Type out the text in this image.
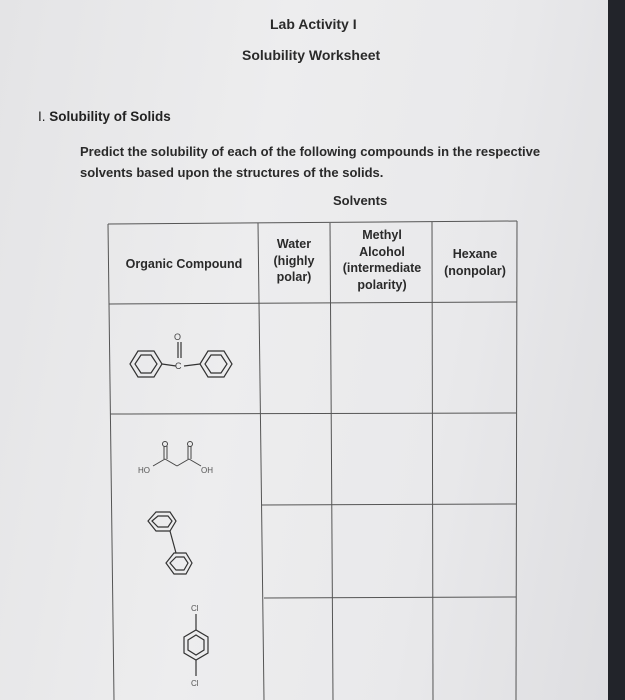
Lab Activity I
Solubility Worksheet
I. Solubility of Solids
Predict the solubility of each of the following compounds in the respective solvents based upon the structures of the solids.
Solvents
Organic Compound
Water
(highly
polar)
Methyl
Alcohol
(intermediate
polarity)
Hexane
(nonpolar)
O
C
HO	OH
Cl
Cl
